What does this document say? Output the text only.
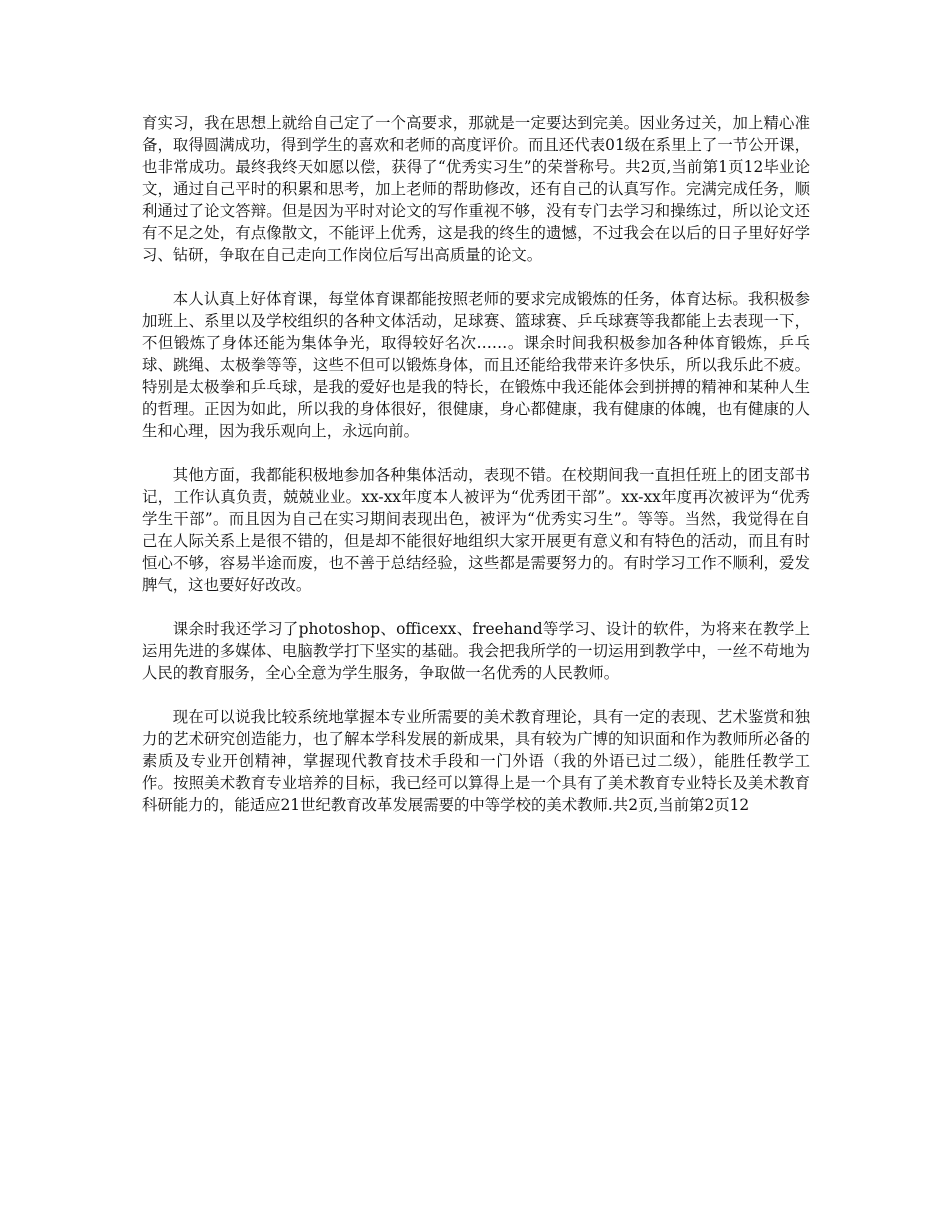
育实习，我在思想上就给自己定了一个高要求，那就是一定要达到完美。因业务过关，加上精心准备，取得圆满成功，得到学生的喜欢和老师的高度评价。而且还代表01级在系里上了一节公开课，也非常成功。最终我终天如愿以偿，获得了“优秀实习生”的荣誉称号。共2页,当前第1页12毕业论文，通过自己平时的积累和思考，加上老师的帮助修改，还有自己的认真写作。完满完成任务，顺利通过了论文答辩。但是因为平时对论文的写作重视不够，没有专门去学习和操练过，所以论文还有不足之处，有点像散文，不能评上优秀，这是我的终生的遗憾，不过我会在以后的日子里好好学习、钻研，争取在自己走向工作岗位后写出高质量的论文。

本人认真上好体育课，每堂体育课都能按照老师的要求完成锻炼的任务，体育达标。我积极参加班上、系里以及学校组织的各种文体活动，足球赛、篮球赛、乒乓球赛等我都能上去表现一下，不但锻炼了身体还能为集体争光，取得较好名次……。课余时间我积极参加各种体育锻炼，乒乓球、跳绳、太极拳等等，这些不但可以锻炼身体，而且还能给我带来许多快乐，所以我乐此不疲。特别是太极拳和乒乓球，是我的爱好也是我的特长，在锻炼中我还能体会到拼搏的精神和某种人生的哲理。正因为如此，所以我的身体很好，很健康，身心都健康，我有健康的体魄，也有健康的人生和心理，因为我乐观向上，永远向前。

其他方面，我都能积极地参加各种集体活动，表现不错。在校期间我一直担任班上的团支部书记，工作认真负责，兢兢业业。xx-xx年度本人被评为“优秀团干部”。xx-xx年度再次被评为“优秀学生干部”。而且因为自己在实习期间表现出色，被评为“优秀实习生”。等等。当然，我觉得在自己在人际关系上是很不错的，但是却不能很好地组织大家开展更有意义和有特色的活动，而且有时恒心不够，容易半途而废，也不善于总结经验，这些都是需要努力的。有时学习工作不顺利，爱发脾气，这也要好好改改。

课余时我还学习了photoshop、officexx、freehand等学习、设计的软件，为将来在教学上运用先进的多媒体、电脑教学打下坚实的基础。我会把我所学的一切运用到教学中，一丝不苟地为人民的教育服务，全心全意为学生服务，争取做一名优秀的人民教师。

现在可以说我比较系统地掌握本专业所需要的美术教育理论，具有一定的表现、艺术鉴赏和独力的艺术研究创造能力，也了解本学科发展的新成果，具有较为广博的知识面和作为教师所必备的素质及专业开创精神，掌握现代教育技术手段和一门外语（我的外语已过二级），能胜任教学工作。按照美术教育专业培养的目标，我已经可以算得上是一个具有了美术教育专业特长及美术教育科研能力的，能适应21世纪教育改革发展需要的中等学校的美术教师.共2页,当前第2页12
